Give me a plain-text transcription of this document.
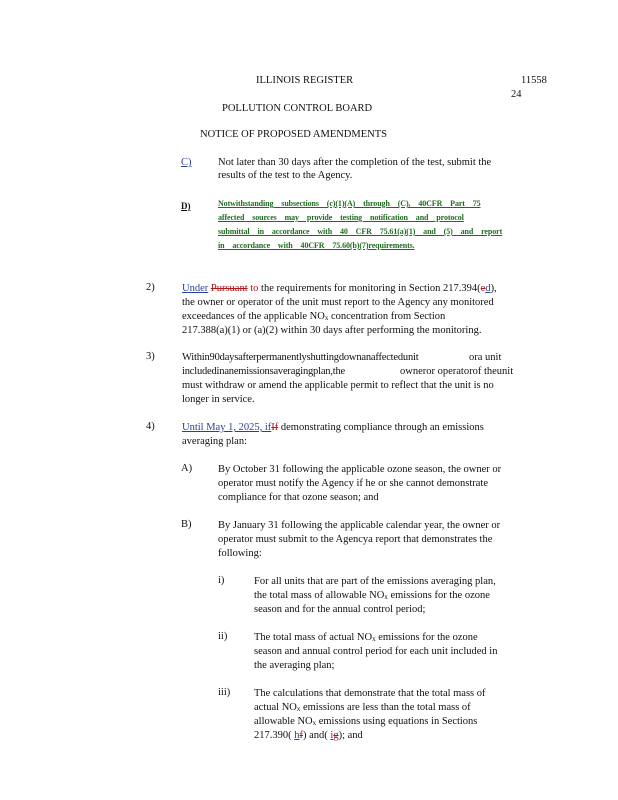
ILLINOIS REGISTER	11558
24
POLLUTION CONTROL BOARD
NOTICE OF PROPOSED AMENDMENTS
C)	Not later than 30 days after the completion of the test, submit the
results of the test to the Agency.
D)	Notwithstanding subsections (c)(1)(A) through (C), 40CFR Part 75
affected sources may provide testing notification and protocol
submittal in accordance with 40 CFR 75.61(a)(1) and (5) and report
in accordance with 40CFR 75.60(b)(7)requirements.
2)	Under Pursuant to the requirements for monitoring in Section 217.394(ed),
the owner or operator of the unit must report to the Agency any monitored
exceedances of the applicable NOx concentration from Section
217.388(a)(1) or (a)(2) within 30 days after performing the monitoring.
3)	Within90daysafterpermanentlyshuttingdownanaffectedunit	ora unit
includedinanemissionsaveragingplan,the	owneror operatorof theunit
must withdraw or amend the applicable permit to reflect that the unit is no
longer in service.
4)	Until May 1, 2025, ifIf demonstrating compliance through an emissions
averaging plan:
A) By October 31 following the applicable ozone season, the owner or
operator must notify the Agency if he or she cannot demonstrate
compliance for that ozone season; and
B)	By January 31 following the applicable calendar year, the owner or
operator must submit to the Agencya report that demonstrates the
following:
i)	For all units that are part of the emissions averaging plan,
the total mass of allowable NOx emissions for the ozone
season and for the annual control period;
ii)	The total mass of actual NOx emissions for the ozone
season and annual control period for each unit included in
the averaging plan;
iii) The calculations that demonstrate that the total mass of
actual NOx emissions are less than the total mass of
allowable NOx emissions using equations in Sections
217.390( hf) and( ig); and
